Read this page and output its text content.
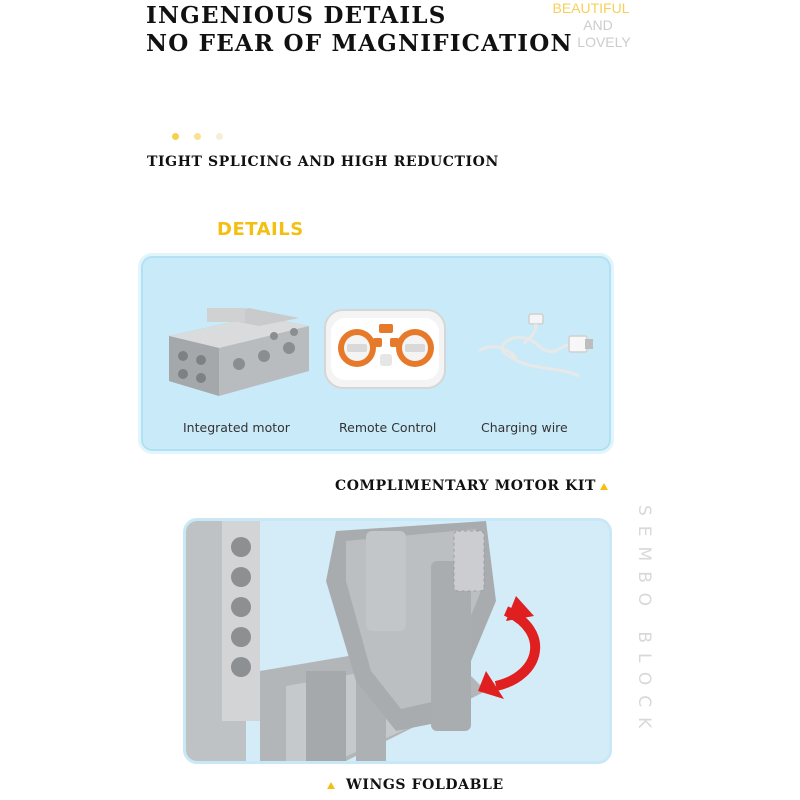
INGENIOUS DETAILS
NO FEAR OF MAGNIFICATION
BEAUTIFUL
AND
LOVELY
TIGHT SPLICING AND HIGH REDUCTION
DETAILS
Integrated motor	Remote Control	Charging wire
COMPLIMENTARY MOTOR KIT
SEMBO BLOCK
WINGS FOLDABLE
